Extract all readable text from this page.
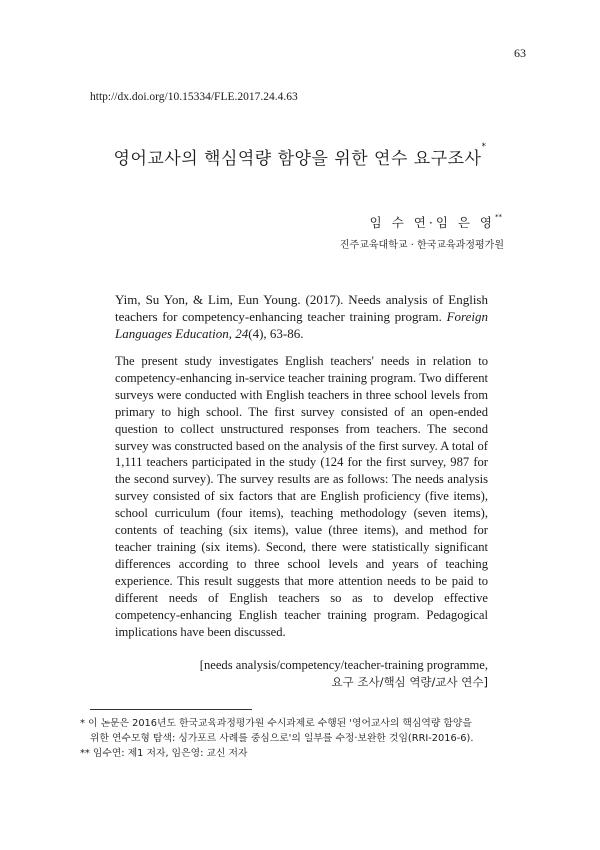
63
http://dx.doi.org/10.15334/FLE.2017.24.4.63
영어교사의 핵심역량 함양을 위한 연수 요구조사*
임 수 연·임 은 영**
진주교육대학교 · 한국교육과정평가원
Yim, Su Yon, & Lim, Eun Young. (2017). Needs analysis of English teachers for competency-enhancing teacher training program. Foreign Languages Education, 24(4), 63-86.

The present study investigates English teachers' needs in relation to competency-enhancing in-service teacher training program. Two different surveys were conducted with English teachers in three school levels from primary to high school. The first survey consisted of an open-ended question to collect unstructured responses from teachers. The second survey was constructed based on the analysis of the first survey. A total of 1,111 teachers participated in the study (124 for the first survey, 987 for the second survey). The survey results are as follows: The needs analysis survey consisted of six factors that are English proficiency (five items), school curriculum (four items), teaching methodology (seven items), contents of teaching (six items), value (three items), and method for teacher training (six items). Second, there were statistically significant differences according to three school levels and years of teaching experience. This result suggests that more attention needs to be paid to different needs of English teachers so as to develop effective competency-enhancing English teacher training program. Pedagogical implications have been discussed.

[needs analysis/competency/teacher-training programme,
요구 조사/핵심 역량/교사 연수]

* 이 논문은 2016년도 한국교육과정평가원 수시과제로 수행된 '영어교사의 핵심역량 함양을
위한 연수모형 탐색: 싱가포르 사례를 중심으로'의 일부를 수정·보완한 것임(RRI-2016-6).

** 임수연: 제1 저자, 임은영: 교신 저자
